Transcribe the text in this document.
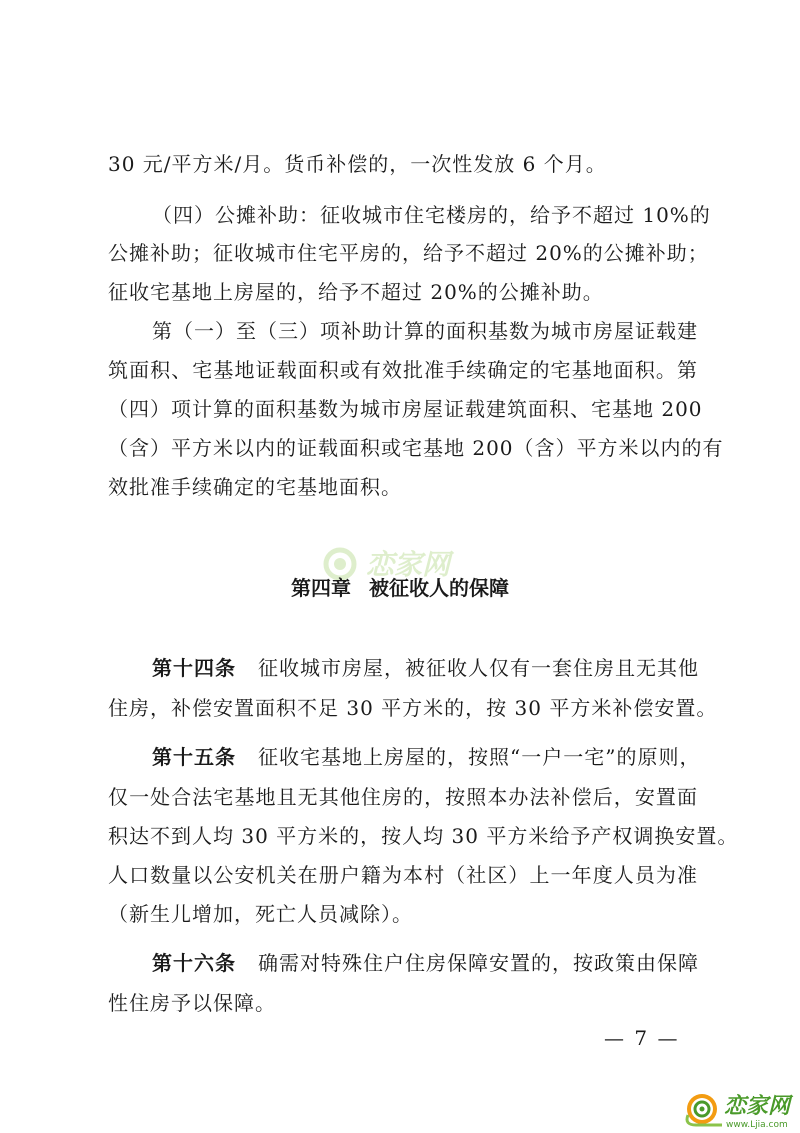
30 元/平方米/月。货币补偿的，一次性发放 6 个月。
（四）公摊补助：征收城市住宅楼房的，给予不超过 10%的
公摊补助；征收城市住宅平房的，给予不超过 20%的公摊补助；
征收宅基地上房屋的，给予不超过 20%的公摊补助。
第（一）至（三）项补助计算的面积基数为城市房屋证载建
筑面积、宅基地证载面积或有效批准手续确定的宅基地面积。第
（四）项计算的面积基数为城市房屋证载建筑面积、宅基地 200
（含）平方米以内的证载面积或宅基地 200（含）平方米以内的有
效批准手续确定的宅基地面积。
恋家网
第四章 被征收人的保障
第十四条 征收城市房屋，被征收人仅有一套住房且无其他
住房，补偿安置面积不足 30 平方米的，按 30 平方米补偿安置。
第十五条 征收宅基地上房屋的，按照“一户一宅”的原则，
仅一处合法宅基地且无其他住房的，按照本办法补偿后，安置面
积达不到人均 30 平方米的，按人均 30 平方米给予产权调换安置。
人口数量以公安机关在册户籍为本村（社区）上一年度人员为准
（新生儿增加，死亡人员减除）。
第十六条 确需对特殊住户住房保障安置的，按政策由保障
性住房予以保障。
— 7 —
恋家网
www.Ljia.com
